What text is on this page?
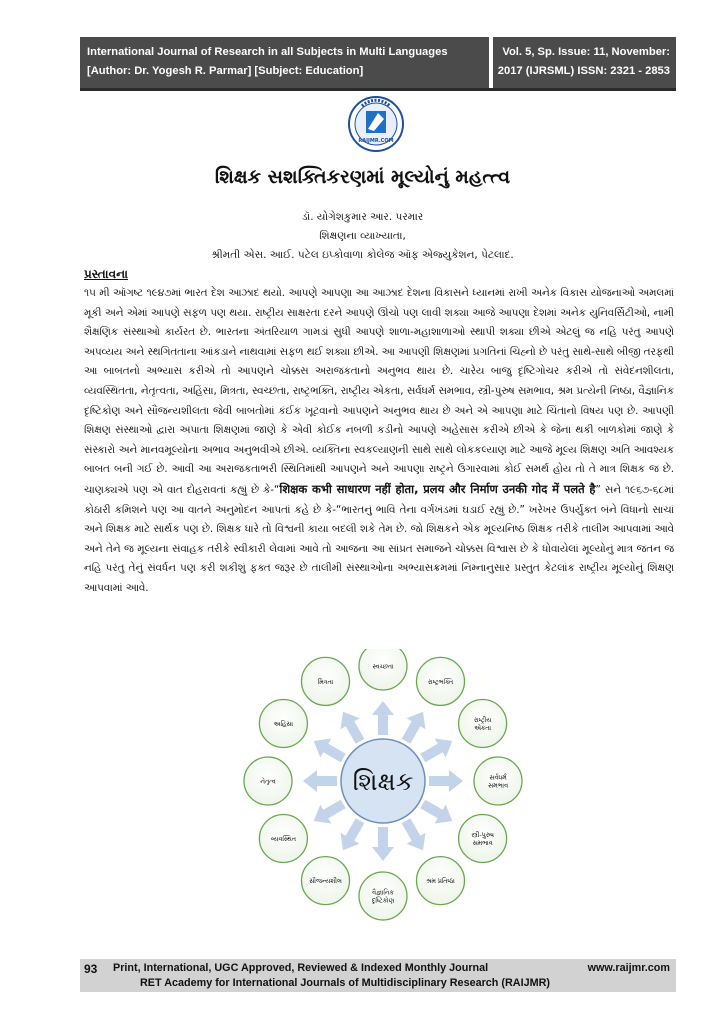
International Journal of Research in all Subjects in Multi Languages
[Author: Dr. Yogesh R. Parmar] [Subject: Education]
Vol. 5, Sp. Issue: 11, November:
2017 (IJRSML) ISSN: 2321 - 2853
RAIJMR.COM
શિક્ષક સશક્તિકરણમાં મૂલ્યોનું મહત્ત્વ
ડૉ. યોગેશકુમાર આર. પરમાર
શિક્ષણના વ્યાખ્યાતા,
શ્રીમતી એસ. આઈ. પટેલ ઇપ્કોવાળા કોલેજ ઑફ એજ્યુકેશન, પેટલાદ.
પ્રસ્તાવના
૧૫ મી ઑગષ્ટ ૧૯૪૭માં ભારત દેશ આઝાદ થયો. આપણે આપણા આ આઝાદ દેશના વિકાસને ધ્યાનમાં રાખી અનેક વિકાસ યોજનાઓ અમલમાં મૂકી અને એમાં આપણે સફળ પણ થયા. રાષ્ટ્રીય સાક્ષરતા દરને આપણે ઊંચો પણ લાવી શક્યા આજે આપણા દેશમાં અનેક યુનિવર્સિટીઓ, નામી શૈક્ષણિક સંસ્થાઓ કાર્યરત છે. ભારતના અંતરિયાળ ગામડાં સુધી આપણે શાળા-મહાશાળાઓ સ્થાપી શક્યા છીએ એટલું જ નહિ પરંતુ આપણે અપવ્યય અને સ્થગિતતાના આંકડાને નાથવામાં સફળ થઈ શક્યા છીએ. આ આપણી શિક્ષણમાં પ્રગતિનાં ચિહ્નો છે પરંતુ સાથે-સાથે બીજી તરફથી આ બાબતનો અભ્યાસ કરીએ તો આપણને ચોક્કસ અરાજકતાનો અનુભવ થાય છે. ચારેય બાજુ દૃષ્ટિગોચર કરીએ તો સંવેદનશીલતા, વ્યવસ્થિતતા, નેતૃત્વતા, અહિંસા, મિત્રતા, સ્વચ્છતા, રાષ્ટ્રભક્તિ, રાષ્ટ્રીય એકતા, સર્વધર્મ સમભાવ, સ્ત્રી-પુરુષ સમભાવ, શ્રમ પ્રત્યેની નિષ્ઠા, વૈજ્ઞાનિક દૃષ્ટિકોણ અને સૌજન્યશીલતા જેવી બાબતોમાં કંઈક ખૂટવાનો આપણને અનુભવ થાય છે અને એ આપણા માટે ચિંતાનો વિષય પણ છે. આપણી શિક્ષણ સંસ્થાઓ દ્વારા અપાતા શિક્ષણમાં જાણે કે એવી કોઈક નબળી કડીનો આપણે અહેસાસ કરીએ છીએ કે જેના થકી બાળકોમાં જાણે કે સંસ્કારો અને માનવમૂલ્યોના અભાવ અનુભવીએ છીએ. વ્યક્તિના સ્વકલ્યાણની સાથે સાથે લોકકલ્યાણ માટે આજે મૂલ્ય શિક્ષણ અતિ આવશ્યક બાબત બની ગઈ છે. આવી આ અરાજકતાભરી સ્થિતિમાંથી આપણને અને આપણા રાષ્ટ્રને ઉગારવામાં કોઈ સમર્થ હોય તો તે માત્ર શિક્ષક જ છે. ચાણક્યએ પણ એ વાત દોહરાવતાં કહ્યું છે કે-“शिक्षक कभी साधारण नहीं होता, प्रलय और निर्माण उनकी गोद में पलते है” સને ૧૯૬૭-૬૮માં કોઠારી કમિશને પણ આ વાતને અનુમોદન આપતાં કહે છે કે-“ભારતનું ભાવિ તેના વર્ગખંડમાં ઘડાઈ રહ્યું છે.” ખરેખર ઉપર્યુક્ત બંને વિધાનો સાચાં અને શિક્ષક માટે સાર્થક પણ છે. શિક્ષક ધારે તો વિશ્વની કાયા બદલી શકે તેમ છે. જો શિક્ષકને એક મૂલ્યનિષ્ઠ શિક્ષક તરીકે તાલીમ આપવામાં આવે અને તેને જ મૂલ્યના સંવાહક તરીકે સ્વીકારી લેવામાં આવે તો આજના આ સાંપ્રત સમાજને ચોક્કસ વિશ્વાસ છે કે ધોવાયેલાં મૂલ્યોનું માત્ર જતન જ નહિ પરંતુ તેનું સંવર્ધન પણ કરી શકીશું ફક્ત જરૂર છે તાલીમી સંસ્થાઓના અભ્યાસક્રમમાં નિમ્નાનુસાર પ્રસ્તુત કેટલાંક રાષ્ટ્રીય મૂલ્યોનું શિક્ષણ આપવામાં આવે.
સ્વચ્છતા
રાષ્ટ્રભક્તિ
રાષ્ટ્રીય
એકતા
સર્વધર્મ
સમભાવ
સ્ત્રી-પુરુષ
સમભાવ
શ્રમ પ્રતિષ્ઠા
વૈજ્ઞાનિક
દૃષ્ટિકોણ
સૌજન્યશીલ
વ્યવસ્થિત
નેતૃત્વ
અહિંસા
મિત્રતા
શિક્ષક
93 Print, International, UGC Approved, Reviewed & Indexed Monthly Journal	www.raijmr.com
RET Academy for International Journals of Multidisciplinary Research (RAIJMR)
